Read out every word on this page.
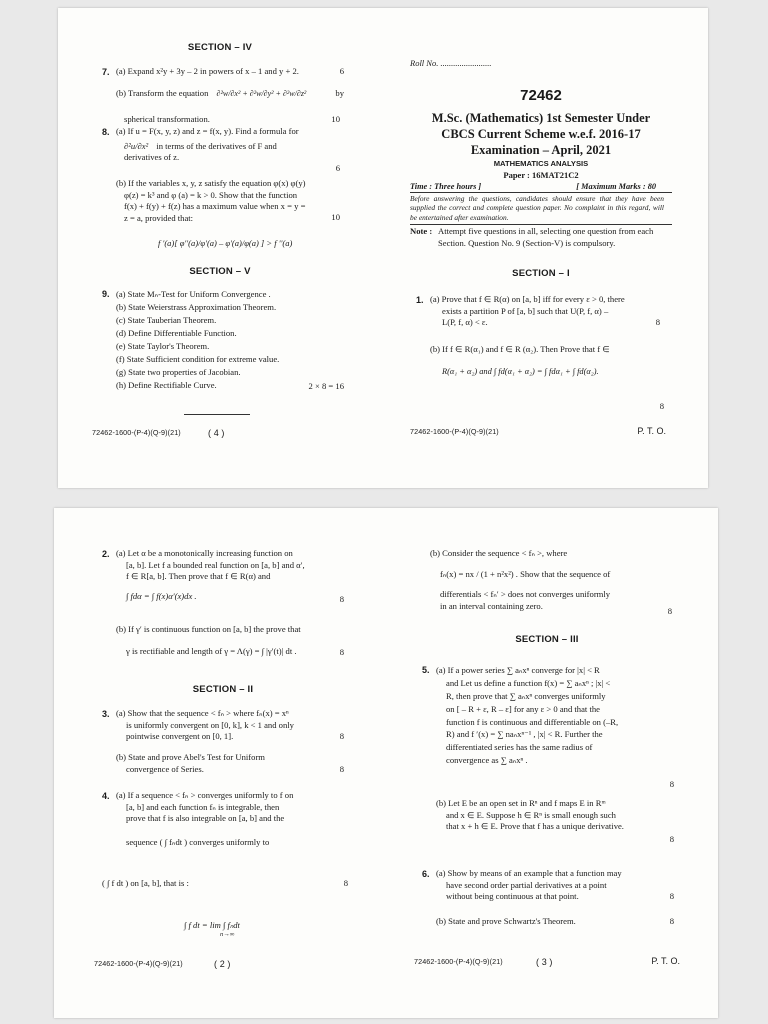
SECTION – IV
7. (a) Expand x²y + 3y – 2 in powers of x – 1 and y + 2.	6
(b) Transform the equation ∂²w/∂x² + ∂²w/∂y² + ∂²w/∂z²	by
spherical transformation.	10
8. (a) If u = F(x, y, z) and z = f(x, y). Find a formula for
∂²u/∂x² in terms of the derivatives of F and
derivatives of z.
6
(b) If the variables x, y, z satisfy the equation φ(x) φ(y)
φ(z) = k³ and φ (a) = k > 0. Show that the function
f(x) + f(y) + f(z) has a maximum value when x = y =
z = a, provided that:	10
f ′(a)[ φ′′(a)/φ′(a) – φ′(a)/φ(a) ] > f ′′(a)
SECTION – V
9. (a) State Mₙ-Test for Uniform Convergence .
(b) State Weierstrass Approximation Theorem.
(c) State Tauberian Theorem.
(d) Define Differentiable Function.
(e) State Taylor's Theorem.
(f) State Sufficient condition for extreme value.
(g) State two properties of Jacobian.
(h) Define Rectifiable Curve.	2 × 8 = 16
72462-1600-(P-4)(Q-9)(21)	( 4 )
Roll No. ........................
72462
M.Sc. (Mathematics) 1st Semester Under
CBCS Current Scheme w.e.f. 2016-17
Examination – April, 2021
MATHEMATICS ANALYSIS
Paper : 16MAT21C2
Time : Three hours ]	[ Maximum Marks : 80
Before answering the questions, candidates should ensure that they have been supplied the correct and complete question paper. No complaint in this regard, will be entertained after examination.
Note : Attempt five questions in all, selecting one question from each Section. Question No. 9 (Section-V) is compulsory.
SECTION – I
1. (a) Prove that f ∈ R(α) on [a, b] iff for every ε > 0, there
exists a partition P of [a, b] such that U(P, f, α) –
L(P, f, α) < ε.	8
(b) If f ∈ R(α₁) and f ∈ R (α₂). Then Prove that f ∈
R(α₁ + α₂) and ∫ fd(α₁ + α₂) = ∫ fdα₁ + ∫ fd(α₂).
8
72462-1600-(P-4)(Q-9)(21)	P. T. O.
2. (a) Let α be a monotonically increasing function on
[a, b]. Let f a bounded real function on [a, b] and α′,
f ∈ R[a, b]. Then prove that f ∈ R(α) and
∫ fdα = ∫ f(x)α′(x)dx .	8
(b) If γ′ is continuous function on [a, b] the prove that
γ is rectifiable and length of γ = Λ(γ) = ∫ |γ′(t)| dt .	8
SECTION – II
3. (a) Show that the sequence < fₙ > where fₙ(x) = xⁿ
is uniformly convergent on [0, k], k < 1 and only
pointwise convergent on [0, 1].	8
(b) State and prove Abel's Test for Uniform
convergence of Series.	8
4. (a) If a sequence < fₙ > converges uniformly to f on
[a, b] and each function fₙ is integrable, then
prove that f is also integrable on [a, b] and the
sequence ( ∫ fₙdt ) converges uniformly to
( ∫ f dt ) on [a, b], that is :	8
∫ f dt = lim ∫ fₙdt
n→∞
72462-1600-(P-4)(Q-9)(21)	( 2 )
(b) Consider the sequence < fₙ >, where
fₙ(x) = nx / (1 + n²x²) . Show that the sequence of
differentials < fₙ′ > does not converges uniformly
in an interval containing zero.
8
SECTION – III
5. (a) If a power series ∑ aₙxⁿ converge for |x| < R
and Let us define a function f(x) = ∑ aₙxⁿ ; |x| <
R, then prove that ∑ aₙxⁿ converges uniformly
on [ – R + ε, R – ε] for any ε > 0 and that the
function f is continuous and differentiable on (–R,
R) and f ′(x) = ∑ naₙxⁿ⁻¹ , |x| < R. Further the
differentiated series has the same radius of
convergence as ∑ aₙxⁿ .
8
(b) Let E be an open set in Rⁿ and f maps E in Rᵐ
and x ∈ E. Suppose h ∈ Rⁿ is small enough such
that x + h ∈ E. Prove that f has a unique derivative.
8
6. (a) Show by means of an example that a function may
have second order partial derivatives at a point
without being continuous at that point.	8
(b) State and prove Schwartz's Theorem.	8
72462-1600-(P-4)(Q-9)(21)	( 3 )	P. T. O.
